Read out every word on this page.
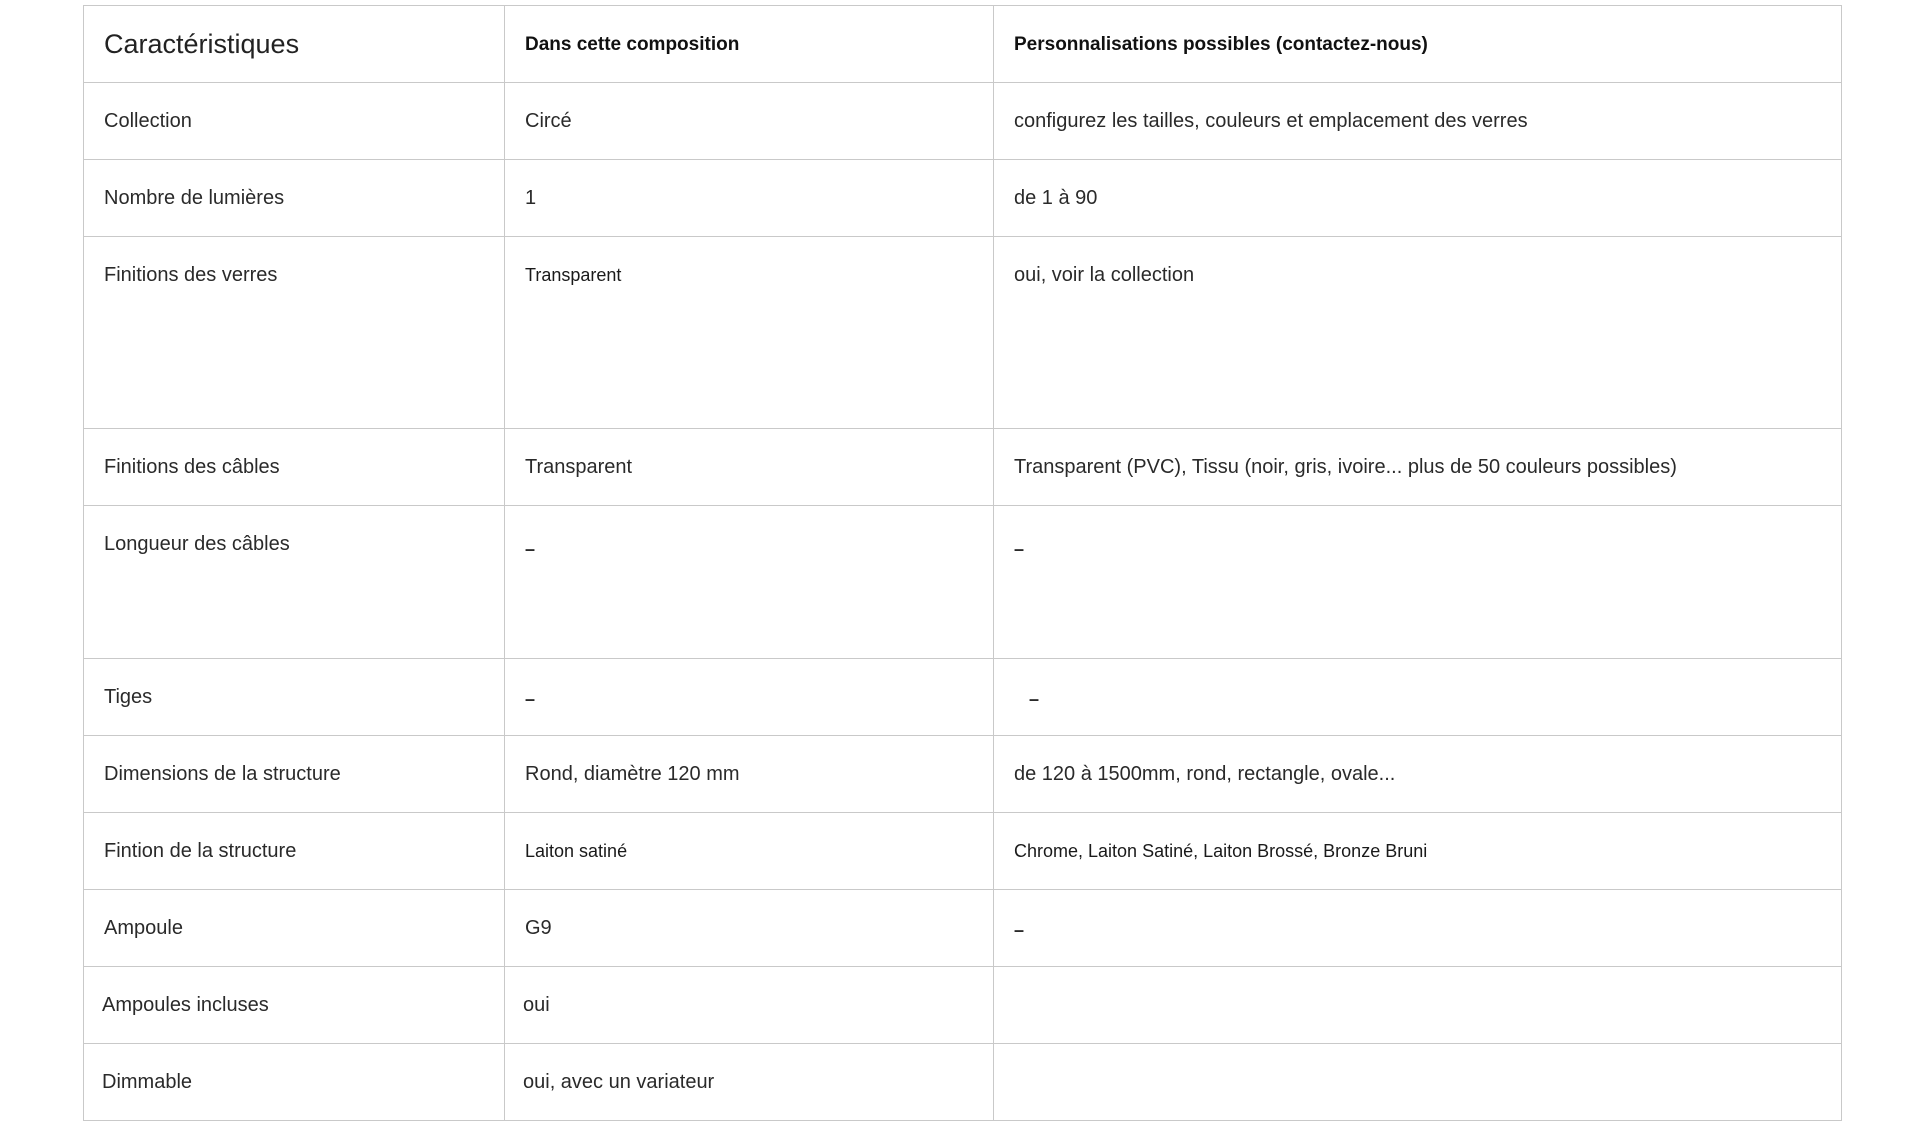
Caractéristiques	Dans cette composition	Personnalisations possibles (contactez-nous)
Collection	Circé	configurez les tailles, couleurs et emplacement des verres
Nombre de lumières	1	de 1 à 90
Finitions des verres	Transparent	oui, voir la collection
Finitions des câbles	Transparent	Transparent (PVC), Tissu (noir, gris, ivoire... plus de 50 couleurs possibles)
Longueur des câbles	–	–
Tiges	–	–
Dimensions de la structure	Rond, diamètre 120 mm	de 120 à 1500mm, rond, rectangle, ovale...
Fintion de la structure	Laiton satiné	Chrome, Laiton Satiné, Laiton Brossé, Bronze Bruni
Ampoule	G9	–
Ampoules incluses	oui	
Dimmable	oui, avec un variateur	
